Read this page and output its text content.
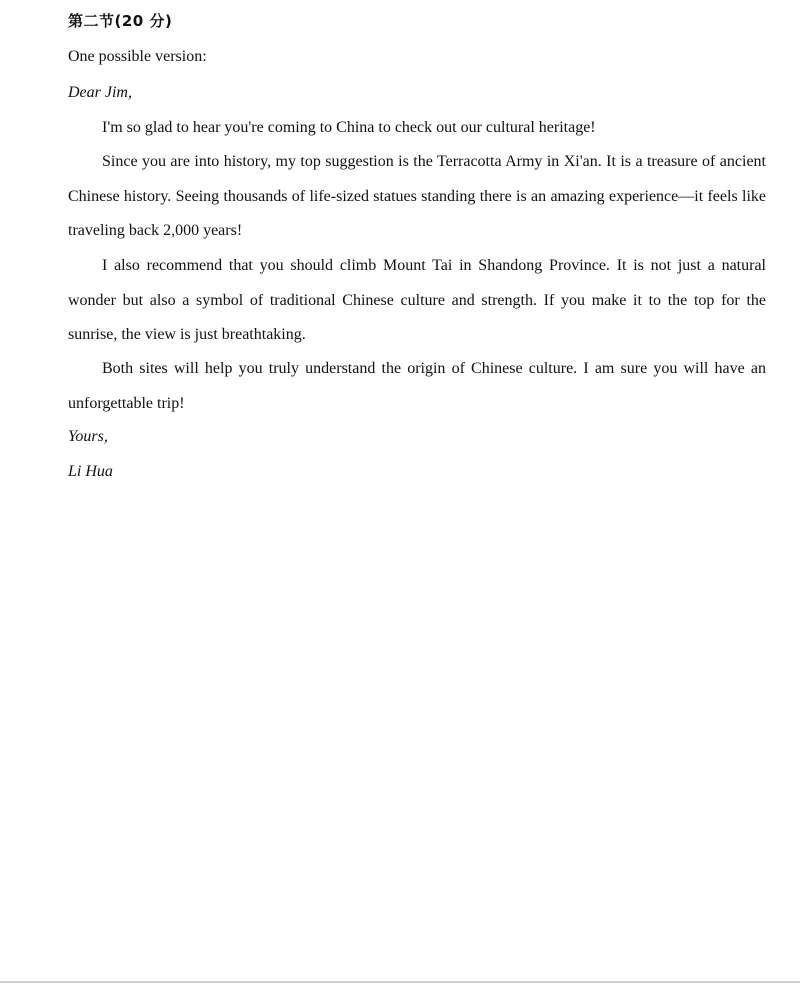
第二节(20 分)
One possible version:
Dear Jim,
I'm so glad to hear you're coming to China to check out our cultural heritage!
Since you are into history, my top suggestion is the Terracotta Army in Xi'an. It is a treasure of ancient Chinese history. Seeing thousands of life-sized statues standing there is an amazing experience—it feels like traveling back 2,000 years!
I also recommend that you should climb Mount Tai in Shandong Province. It is not just a natural wonder but also a symbol of traditional Chinese culture and strength. If you make it to the top for the sunrise, the view is just breathtaking.
Both sites will help you truly understand the origin of Chinese culture. I am sure you will have an unforgettable trip!
Yours,
Li Hua
